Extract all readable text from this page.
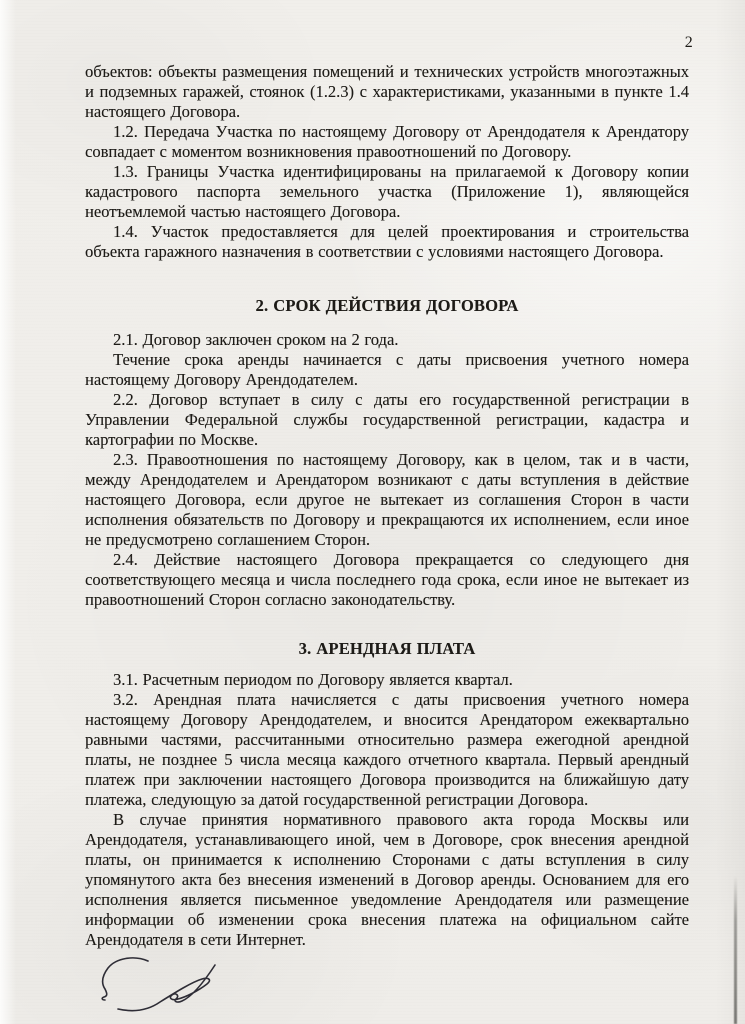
2

объектов: объекты размещения помещений и технических устройств многоэтажных и подземных гаражей, стоянок (1.2.3) с характеристиками, указанными в пункте 1.4 настоящего Договора.

1.2. Передача Участка по настоящему Договору от Арендодателя к Арендатору совпадает с моментом возникновения правоотношений по Договору.

1.3. Границы Участка идентифицированы на прилагаемой к Договору копии кадастрового паспорта земельного участка (Приложение 1), являющейся неотъемлемой частью настоящего Договора.

1.4. Участок предоставляется для целей проектирования и строительства объекта гаражного назначения в соответствии с условиями настоящего Договора.

2. СРОК ДЕЙСТВИЯ ДОГОВОРА

2.1. Договор заключен сроком на 2 года.

Течение срока аренды начинается с даты присвоения учетного номера настоящему Договору Арендодателем.

2.2. Договор вступает в силу с даты его государственной регистрации в Управлении Федеральной службы государственной регистрации, кадастра и картографии по Москве.

2.3. Правоотношения по настоящему Договору, как в целом, так и в части, между Арендодателем и Арендатором возникают с даты вступления в действие настоящего Договора, если другое не вытекает из соглашения Сторон в части исполнения обязательств по Договору и прекращаются их исполнением, если иное не предусмотрено соглашением Сторон.

2.4. Действие настоящего Договора прекращается со следующего дня соответствующего месяца и числа последнего года срока, если иное не вытекает из правоотношений Сторон согласно законодательству.

3. АРЕНДНАЯ ПЛАТА

3.1. Расчетным периодом по Договору является квартал.

3.2. Арендная плата начисляется с даты присвоения учетного номера настоящему Договору Арендодателем, и вносится Арендатором ежеквартально равными частями, рассчитанными относительно размера ежегодной арендной платы, не позднее 5 числа месяца каждого отчетного квартала. Первый арендный платеж при заключении настоящего Договора производится на ближайшую дату платежа, следующую за датой государственной регистрации Договора.

В случае принятия нормативного правового акта города Москвы или Арендодателя, устанавливающего иной, чем в Договоре, срок внесения арендной платы, он принимается к исполнению Сторонами с даты вступления в силу упомянутого акта без внесения изменений в Договор аренды. Основанием для его исполнения является письменное уведомление Арендодателя или размещение информации об изменении срока внесения платежа на официальном сайте Арендодателя в сети Интернет.
